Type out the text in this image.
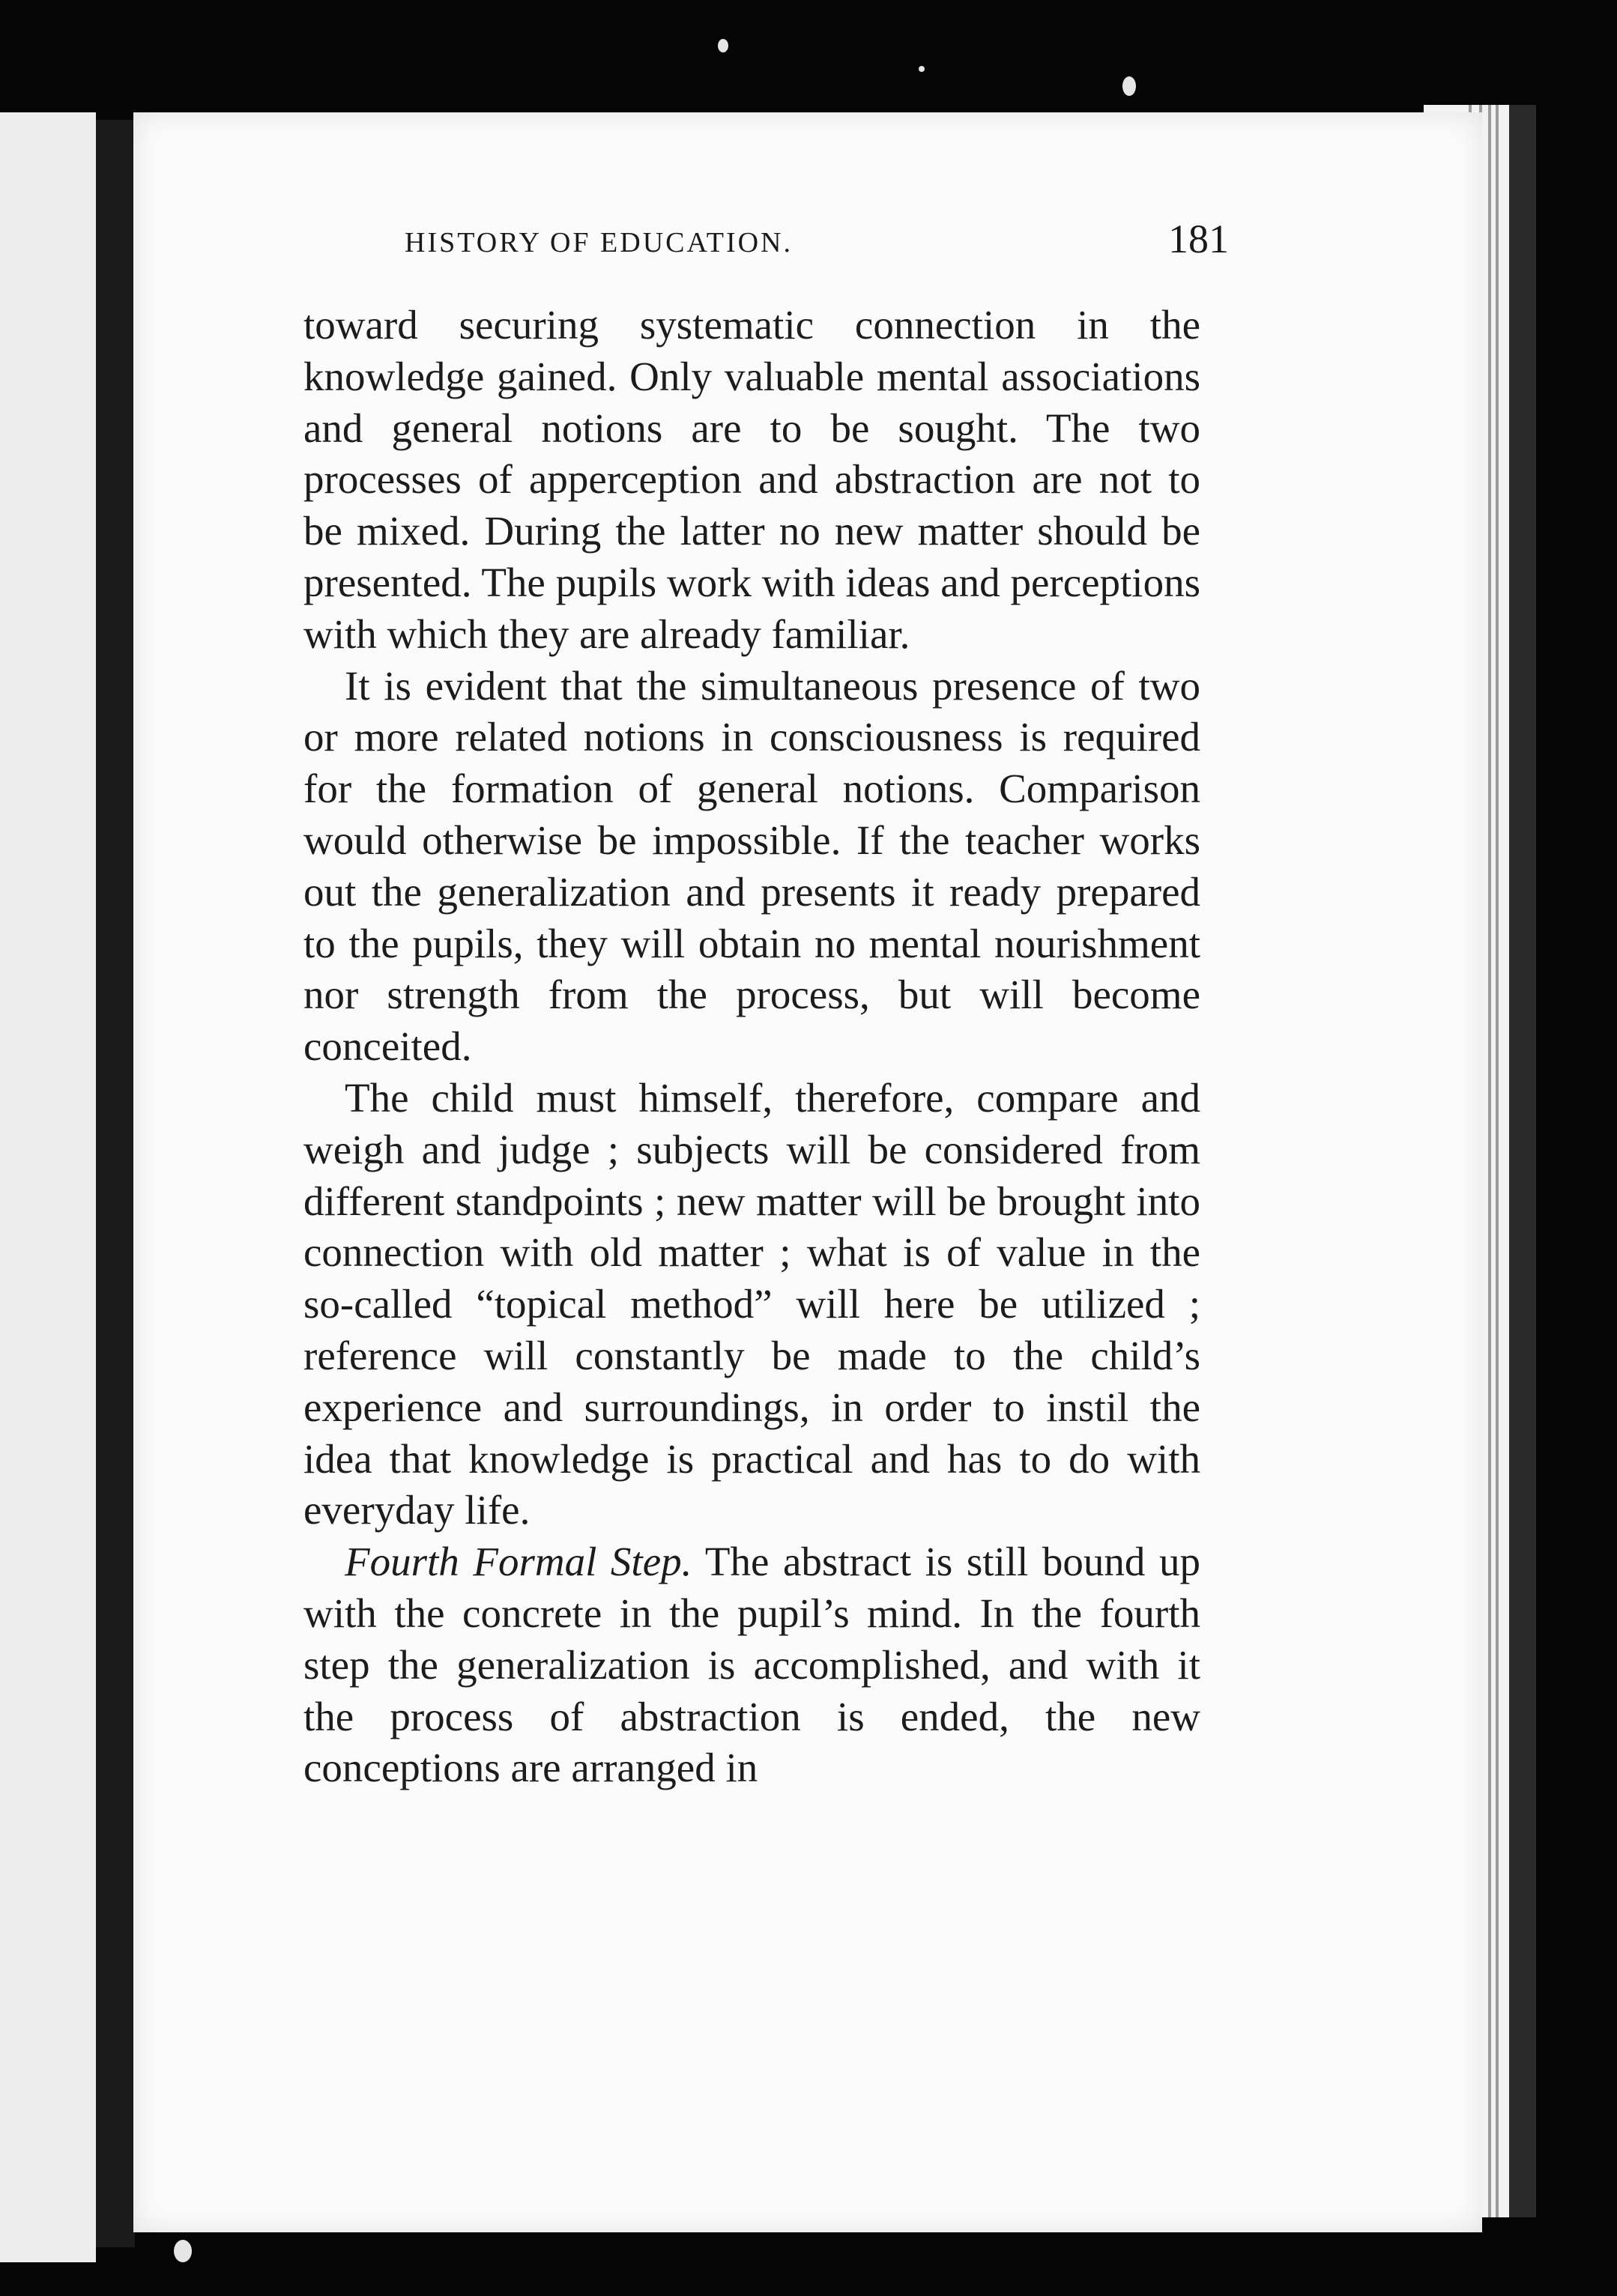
HISTORY OF EDUCATION.	181

toward securing systematic connection in the knowledge gained. Only valuable mental associations and general notions are to be sought. The two processes of apperception and abstraction are not to be mixed. During the latter no new matter should be presented. The pupils work with ideas and perceptions with which they are already familiar.

It is evident that the simultaneous presence of two or more related notions in consciousness is required for the formation of general notions. Comparison would otherwise be impossible. If the teacher works out the generalization and presents it ready prepared to the pupils, they will obtain no mental nourishment nor strength from the process, but will become conceited.

The child must himself, therefore, compare and weigh and judge ; subjects will be considered from different standpoints ; new matter will be brought into connection with old matter ; what is of value in the so-called “topical method” will here be utilized ; reference will constantly be made to the child’s experience and surroundings, in order to instil the idea that knowledge is practical and has to do with everyday life.

Fourth Formal Step. The abstract is still bound up with the concrete in the pupil’s mind. In the fourth step the generalization is accomplished, and with it the process of abstraction is ended, the new conceptions are arranged in
